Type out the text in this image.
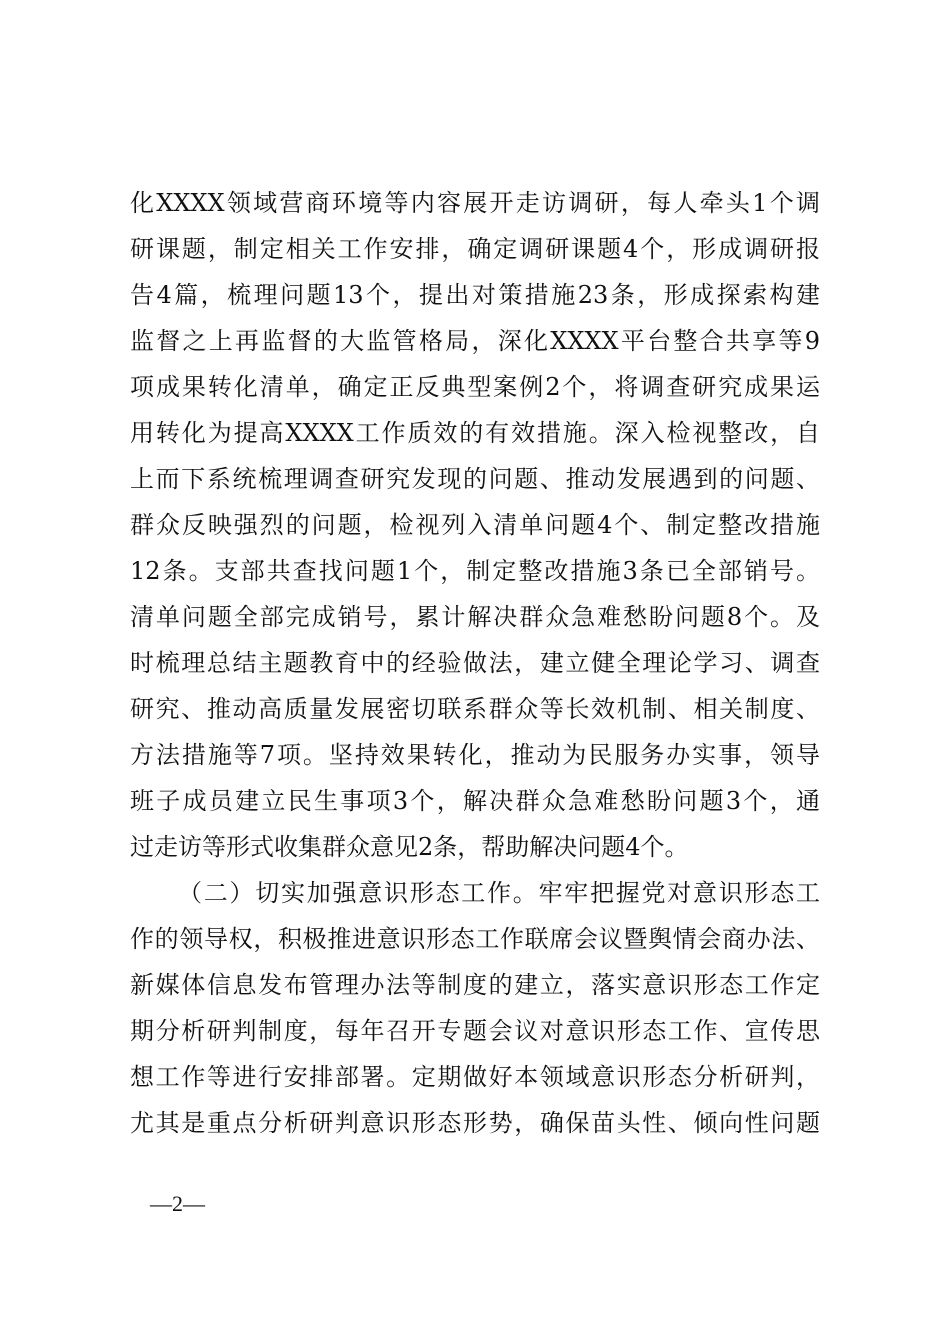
化XXXX领域营商环境等内容展开走访调研，每人牵头1个调
研课题，制定相关工作安排，确定调研课题4个，形成调研报
告4篇，梳理问题13个，提出对策措施23条，形成探索构建
监督之上再监督的大监管格局，深化XXXX平台整合共享等9
项成果转化清单，确定正反典型案例2个，将调查研究成果运
用转化为提高XXXX工作质效的有效措施。深入检视整改，自
上而下系统梳理调查研究发现的问题、推动发展遇到的问题、
群众反映强烈的问题，检视列入清单问题4个、制定整改措施
12条。支部共查找问题1个，制定整改措施3条已全部销号。
清单问题全部完成销号，累计解决群众急难愁盼问题8个。及
时梳理总结主题教育中的经验做法，建立健全理论学习、调查
研究、推动高质量发展密切联系群众等长效机制、相关制度、
方法措施等7项。坚持效果转化，推动为民服务办实事，领导
班子成员建立民生事项3个，解决群众急难愁盼问题3个，通
过走访等形式收集群众意见2条，帮助解决问题4个。
（二）切实加强意识形态工作。牢牢把握党对意识形态工
作的领导权，积极推进意识形态工作联席会议暨舆情会商办法、
新媒体信息发布管理办法等制度的建立，落实意识形态工作定
期分析研判制度，每年召开专题会议对意识形态工作、宣传思
想工作等进行安排部署。定期做好本领域意识形态分析研判，
尤其是重点分析研判意识形态形势，确保苗头性、倾向性问题
—2—
